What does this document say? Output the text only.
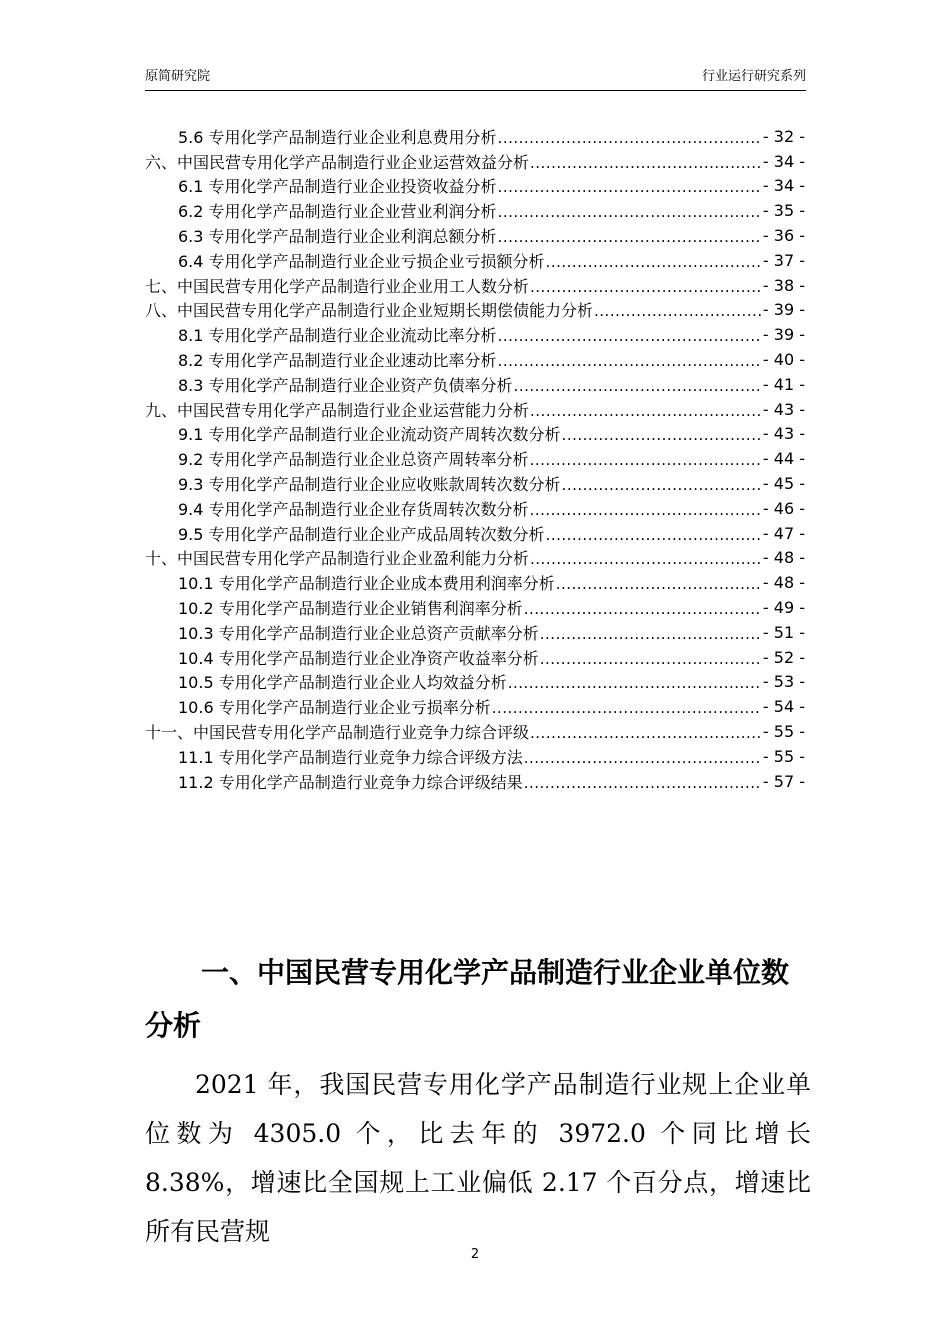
原简研究院	行业运行研究系列
5.6 专用化学产品制造行业企业利息费用分析 .....	- 32 -
六、中国民营专用化学产品制造行业企业运营效益分析 .....	- 34 -
6.1 专用化学产品制造行业企业投资收益分析 .....	- 34 -
6.2 专用化学产品制造行业企业营业利润分析 .....	- 35 -
6.3 专用化学产品制造行业企业利润总额分析 .....	- 36 -
6.4 专用化学产品制造行业企业亏损企业亏损额分析 .....	- 37 -
七、中国民营专用化学产品制造行业企业用工人数分析 .....	- 38 -
八、中国民营专用化学产品制造行业企业短期长期偿债能力分析 .....	- 39 -
8.1 专用化学产品制造行业企业流动比率分析 .....	- 39 -
8.2 专用化学产品制造行业企业速动比率分析 .....	- 40 -
8.3 专用化学产品制造行业企业资产负债率分析 .....	- 41 -
九、中国民营专用化学产品制造行业企业运营能力分析 .....	- 43 -
9.1 专用化学产品制造行业企业流动资产周转次数分析 .....	- 43 -
9.2 专用化学产品制造行业企业总资产周转率分析 .....	- 44 -
9.3 专用化学产品制造行业企业应收账款周转次数分析 .....	- 45 -
9.4 专用化学产品制造行业企业存货周转次数分析 .....	- 46 -
9.5 专用化学产品制造行业企业产成品周转次数分析 .....	- 47 -
十、中国民营专用化学产品制造行业企业盈利能力分析 .....	- 48 -
10.1 专用化学产品制造行业企业成本费用利润率分析 .....	- 48 -
10.2 专用化学产品制造行业企业销售利润率分析 .....	- 49 -
10.3 专用化学产品制造行业企业总资产贡献率分析 .....	- 51 -
10.4 专用化学产品制造行业企业净资产收益率分析 .....	- 52 -
10.5 专用化学产品制造行业企业人均效益分析 .....	- 53 -
10.6 专用化学产品制造行业企业亏损率分析 .....	- 54 -
十一、中国民营专用化学产品制造行业竞争力综合评级 .....	- 55 -
11.1 专用化学产品制造行业竞争力综合评级方法 .....	- 55 -
11.2 专用化学产品制造行业竞争力综合评级结果 .....	- 57 -
一、中国民营专用化学产品制造行业企业单位数分析

2021 年，我国民营专用化学产品制造行业规上企业单位数为 4305.0 个，比去年的 3972.0 个同比增长 8.38%，增速比全国规上工业偏低 2.17 个百分点，增速比所有民营规

2
